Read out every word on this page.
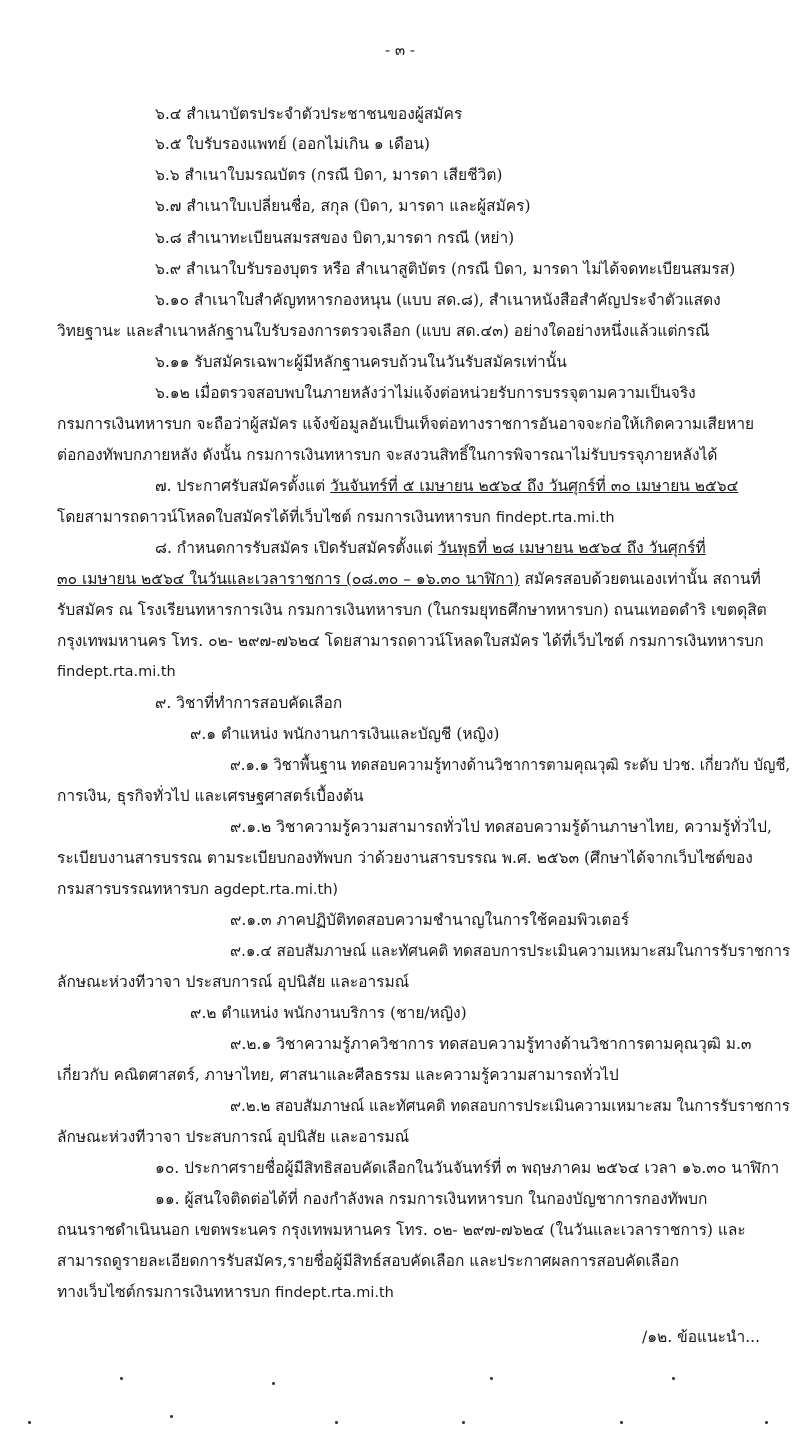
- ๓ -
๖.๔ สำเนาบัตรประจำตัวประชาชนของผู้สมัคร
๖.๕ ใบรับรองแพทย์ (ออกไม่เกิน ๑ เดือน)
๖.๖ สำเนาใบมรณบัตร (กรณี บิดา, มารดา เสียชีวิต)
๖.๗ สำเนาใบเปลี่ยนชื่อ, สกุล (บิดา, มารดา และผู้สมัคร)
๖.๘ สำเนาทะเบียนสมรสของ บิดา,มารดา กรณี (หย่า)
๖.๙ สำเนาใบรับรองบุตร หรือ สำเนาสูติบัตร (กรณี บิดา, มารดา ไม่ได้จดทะเบียนสมรส)
๖.๑๐ สำเนาใบสำคัญทหารกองหนุน (แบบ สด.๘), สำเนาหนังสือสำคัญประจำตัวแสดง
วิทยฐานะ และสำเนาหลักฐานใบรับรองการตรวจเลือก (แบบ สด.๔๓) อย่างใดอย่างหนึ่งแล้วแต่กรณี
๖.๑๑ รับสมัครเฉพาะผู้มีหลักฐานครบถ้วนในวันรับสมัครเท่านั้น
๖.๑๒ เมื่อตรวจสอบพบในภายหลังว่าไม่แจ้งต่อหน่วยรับการบรรจุตามความเป็นจริง
กรมการเงินทหารบก จะถือว่าผู้สมัคร แจ้งข้อมูลอันเป็นเท็จต่อทางราชการอันอาจจะก่อให้เกิดความเสียหาย
ต่อกองทัพบกภายหลัง ดังนั้น กรมการเงินทหารบก จะสงวนสิทธิ์ในการพิจารณาไม่รับบรรจุภายหลังได้
๗. ประกาศรับสมัครตั้งแต่ วันจันทร์ที่ ๕ เมษายน ๒๕๖๔ ถึง วันศุกร์ที่ ๓๐ เมษายน ๒๕๖๔
โดยสามารถดาวน์โหลดใบสมัครได้ที่เว็บไซต์ กรมการเงินทหารบก findept.rta.mi.th
๘. กำหนดการรับสมัคร เปิดรับสมัครตั้งแต่ วันพุธที่ ๒๘ เมษายน ๒๕๖๔ ถึง วันศุกร์ที่
๓๐ เมษายน ๒๕๖๔ ในวันและเวลาราชการ (๐๘.๓๐ – ๑๖.๓๐ นาฬิกา) สมัครสอบด้วยตนเองเท่านั้น สถานที่
รับสมัคร ณ โรงเรียนทหารการเงิน กรมการเงินทหารบก (ในกรมยุทธศึกษาทหารบก) ถนนเทอดดำริ เขตดุสิต
กรุงเทพมหานคร โทร. ๐๒- ๒๙๗-๗๖๒๔ โดยสามารถดาวน์โหลดใบสมัคร ได้ที่เว็บไซต์ กรมการเงินทหารบก
findept.rta.mi.th
๙. วิชาที่ทำการสอบคัดเลือก
๙.๑ ตำแหน่ง พนักงานการเงินและบัญชี (หญิง)
๙.๑.๑ วิชาพื้นฐาน ทดสอบความรู้ทางด้านวิชาการตามคุณวุฒิ ระดับ ปวช. เกี่ยวกับ บัญชี,
การเงิน, ธุรกิจทั่วไป และเศรษฐศาสตร์เบื้องต้น
๙.๑.๒ วิชาความรู้ความสามารถทั่วไป ทดสอบความรู้ด้านภาษาไทย, ความรู้ทั่วไป,
ระเบียบงานสารบรรณ ตามระเบียบกองทัพบก ว่าด้วยงานสารบรรณ พ.ศ. ๒๕๖๓ (ศึกษาได้จากเว็บไซต์ของ
กรมสารบรรณทหารบก agdept.rta.mi.th)
๙.๑.๓ ภาคปฏิบัติทดสอบความชำนาญในการใช้คอมพิวเตอร์
๙.๑.๔ สอบสัมภาษณ์ และทัศนคติ ทดสอบการประเมินความเหมาะสมในการรับราชการ
ลักษณะห่วงทีวาจา ประสบการณ์ อุปนิสัย และอารมณ์
๙.๒ ตำแหน่ง พนักงานบริการ (ชาย/หญิง)
๙.๒.๑ วิชาความรู้ภาควิชาการ ทดสอบความรู้ทางด้านวิชาการตามคุณวุฒิ ม.๓
เกี่ยวกับ คณิตศาสตร์, ภาษาไทย, ศาสนาและศีลธรรม และความรู้ความสามารถทั่วไป
๙.๒.๒ สอบสัมภาษณ์ และทัศนคติ ทดสอบการประเมินความเหมาะสม ในการรับราชการ
ลักษณะห่วงทีวาจา ประสบการณ์ อุปนิสัย และอารมณ์
๑๐. ประกาศรายชื่อผู้มีสิทธิสอบคัดเลือกในวันจันทร์ที่ ๓ พฤษภาคม ๒๕๖๔ เวลา ๑๖.๓๐ นาฬิกา
๑๑. ผู้สนใจติดต่อได้ที่ กองกำลังพล กรมการเงินทหารบก ในกองบัญชาการกองทัพบก
ถนนราชดำเนินนอก เขตพระนคร กรุงเทพมหานคร โทร. ๐๒- ๒๙๗-๗๖๒๔ (ในวันและเวลาราชการ) และ
สามารถดูรายละเอียดการรับสมัคร,รายชื่อผู้มีสิทธ์สอบคัดเลือก และประกาศผลการสอบคัดเลือก
ทางเว็บไซต์กรมการเงินทหารบก findept.rta.mi.th
/๑๒. ข้อแนะนำ...
